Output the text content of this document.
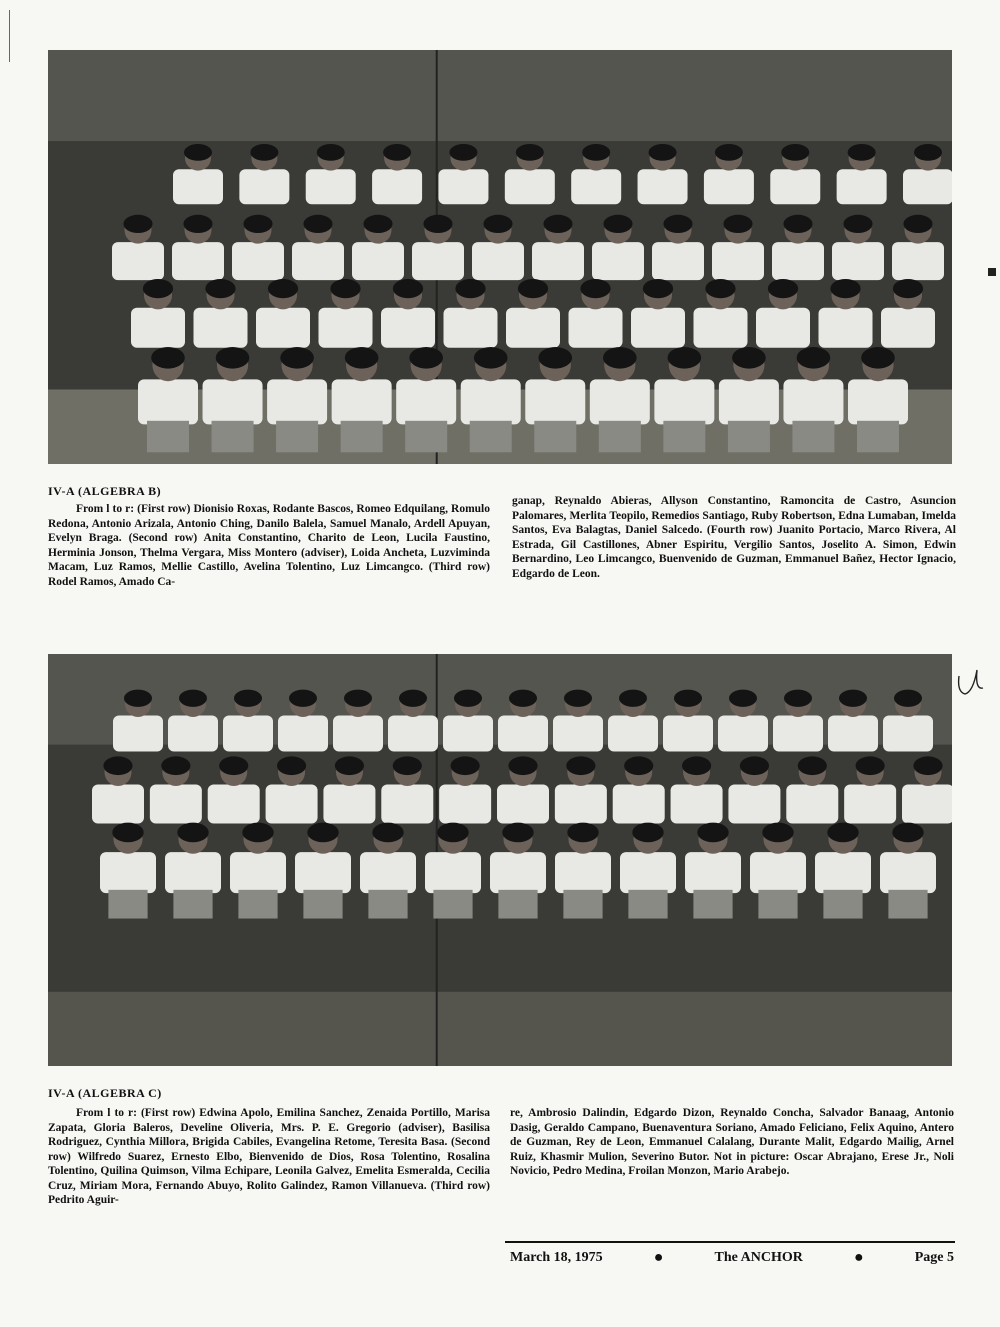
IV-A (ALGEBRA B)

From l to r: (First row) Dionisio Roxas, Rodante Bascos, Romeo Edquilang, Romulo Redona, Antonio Arizala, Antonio Ching, Danilo Balela, Samuel Manalo, Ardell Apuyan, Evelyn Braga. (Second row) Anita Constantino, Charito de Leon, Lucila Faustino, Herminia Jonson, Thelma Vergara, Miss Montero (adviser), Loida Ancheta, Luzviminda Macam, Luz Ramos, Mellie Castillo, Avelina Tolentino, Luz Limcangco. (Third row) Rodel Ramos, Amado Ca-

ganap, Reynaldo Abieras, Allyson Constantino, Ramoncita de Castro, Asuncion Palomares, Merlita Teopilo, Remedios Santiago, Ruby Robertson, Edna Lumaban, Imelda Santos, Eva Balagtas, Daniel Salcedo. (Fourth row) Juanito Portacio, Marco Rivera, Al Estrada, Gil Castillones, Abner Espiritu, Vergilio Santos, Joselito A. Simon, Edwin Bernardino, Leo Limcangco, Buenvenido de Guzman, Emmanuel Bañez, Hector Ignacio, Edgardo de Leon.

IV-A (ALGEBRA C)

From l to r: (First row) Edwina Apolo, Emilina Sanchez, Zenaida Portillo, Marisa Zapata, Gloria Baleros, Develine Oliveria, Mrs. P. E. Gregorio (adviser), Basilisa Rodriguez, Cynthia Millora, Brigida Cabiles, Evangelina Retome, Teresita Basa. (Second row) Wilfredo Suarez, Ernesto Elbo, Bienvenido de Dios, Rosa Tolentino, Rosalina Tolentino, Quilina Quimson, Vilma Echipare, Leonila Galvez, Emelita Esmeralda, Cecilia Cruz, Miriam Mora, Fernando Abuyo, Rolito Galindez, Ramon Villanueva. (Third row) Pedrito Aguir-

re, Ambrosio Dalindin, Edgardo Dizon, Reynaldo Concha, Salvador Banaag, Antonio Dasig, Geraldo Campano, Buenaventura Soriano, Amado Feliciano, Felix Aquino, Antero de Guzman, Rey de Leon, Emmanuel Calalang, Durante Malit, Edgardo Mailig, Arnel Ruiz, Khasmir Mulion, Severino Butor. Not in picture: Oscar Abrajano, Erese Jr., Noli Novicio, Pedro Medina, Froilan Monzon, Mario Arabejo.

March 18, 1975	●	The ANCHOR	●	Page 5
